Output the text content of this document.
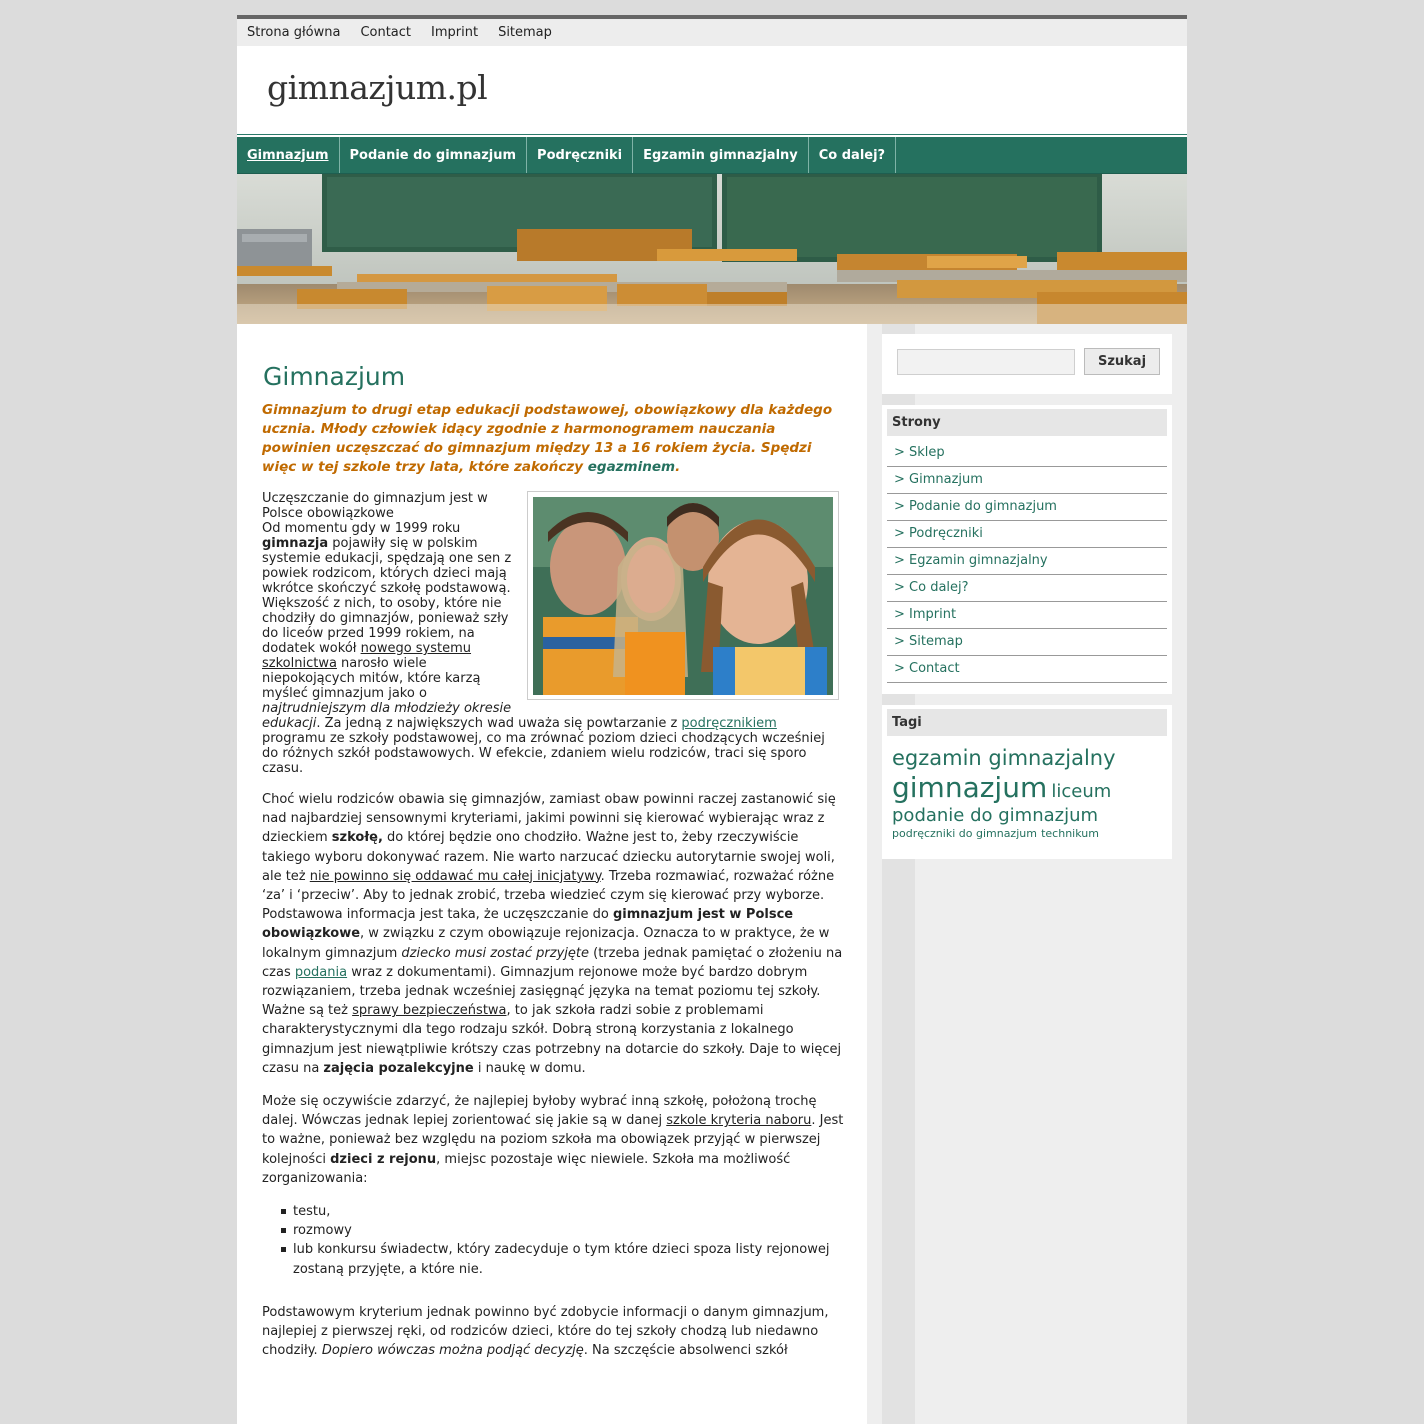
Strona główna Contact Imprint Sitemap
gimnazjum.pl
Gimnazjum	Podanie do gimnazjum	Podręczniki	Egzamin gimnazjalny	Co dalej?
Gimnazjum
Gimnazjum to drugi etap edukacji podstawowej, obowiązkowy dla każdego ucznia. Młody człowiek idący zgodnie z harmonogramem nauczania powinien uczęszczać do gimnazjum między 13 a 16 rokiem życia. Spędzi więc w tej szkole trzy lata, które zakończy egazminem.

Uczęszczanie do gimnazjum jest w Polsce obowiązkowe
Od momentu gdy w 1999 roku gimnazja pojawiły się w polskim systemie edukacji, spędzają one sen z powiek rodzicom, których dzieci mają wkrótce skończyć szkołę podstawową. Większość z nich, to osoby, które nie chodziły do gimnazjów, ponieważ szły do liceów przed 1999 rokiem, na dodatek wokół nowego systemu szkolnictwa narosło wiele niepokojących mitów, które karzą myśleć gimnazjum jako o najtrudniejszym dla młodzieży okresie edukacji. Za jedną z największych wad uważa się powtarzanie z podręcznikiem programu ze szkoły podstawowej, co ma zrównać poziom dzieci chodzących wcześniej do różnych szkół podstawowych. W efekcie, zdaniem wielu rodziców, traci się sporo czasu.

Choć wielu rodziców obawia się gimnazjów, zamiast obaw powinni raczej zastanowić się nad najbardziej sensownymi kryteriami, jakimi powinni się kierować wybierając wraz z dzieckiem szkołę, do której będzie ono chodziło. Ważne jest to, żeby rzeczywiście takiego wyboru dokonywać razem. Nie warto narzucać dziecku autorytarnie swojej woli, ale też nie powinno się oddawać mu całej inicjatywy. Trzeba rozmawiać, rozważać różne ‘za’ i ‘przeciw’. Aby to jednak zrobić, trzeba wiedzieć czym się kierować przy wyborze.

Podstawowa informacja jest taka, że uczęszczanie do gimnazjum jest w Polsce obowiązkowe, w związku z czym obowiązuje rejonizacja. Oznacza to w praktyce, że w lokalnym gimnazjum dziecko musi zostać przyjęte (trzeba jednak pamiętać o złożeniu na czas podania wraz z dokumentami). Gimnazjum rejonowe może być bardzo dobrym rozwiązaniem, trzeba jednak wcześniej zasięgnąć języka na temat poziomu tej szkoły. Ważne są też sprawy bezpieczeństwa, to jak szkoła radzi sobie z problemami charakterystycznymi dla tego rodzaju szkół. Dobrą stroną korzystania z lokalnego gimnazjum jest niewątpliwie krótszy czas potrzebny na dotarcie do szkoły. Daje to więcej czasu na zajęcia pozalekcyjne i naukę w domu.

Może się oczywiście zdarzyć, że najlepiej byłoby wybrać inną szkołę, położoną trochę dalej. Wówczas jednak lepiej zorientować się jakie są w danej szkole kryteria naboru. Jest to ważne, ponieważ bez względu na poziom szkoła ma obowiązek przyjąć w pierwszej kolejności dzieci z rejonu, miejsc pozostaje więc niewiele. Szkoła ma możliwość zorganizowania:

testu,
rozmowy
lub konkursu świadectw, który zadecyduje o tym które dzieci spoza listy rejonowej zostaną przyjęte, a które nie.

Podstawowym kryterium jednak powinno być zdobycie informacji o danym gimnazjum, najlepiej z pierwszej ręki, od rodziców dzieci, które do tej szkoły chodzą lub niedawno chodziły. Dopiero wówczas można podjąć decyzję. Na szczęście absolwenci szkół

Szukaj
Strony
> Sklep
> Gimnazjum
> Podanie do gimnazjum
> Podręczniki
> Egzamin gimnazjalny
> Co dalej?
> Imprint
> Sitemap
> Contact
Tagi
egzamin gimnazjalny
gimnazjum liceum
podanie do gimnazjum
podręczniki do gimnazjum technikum
